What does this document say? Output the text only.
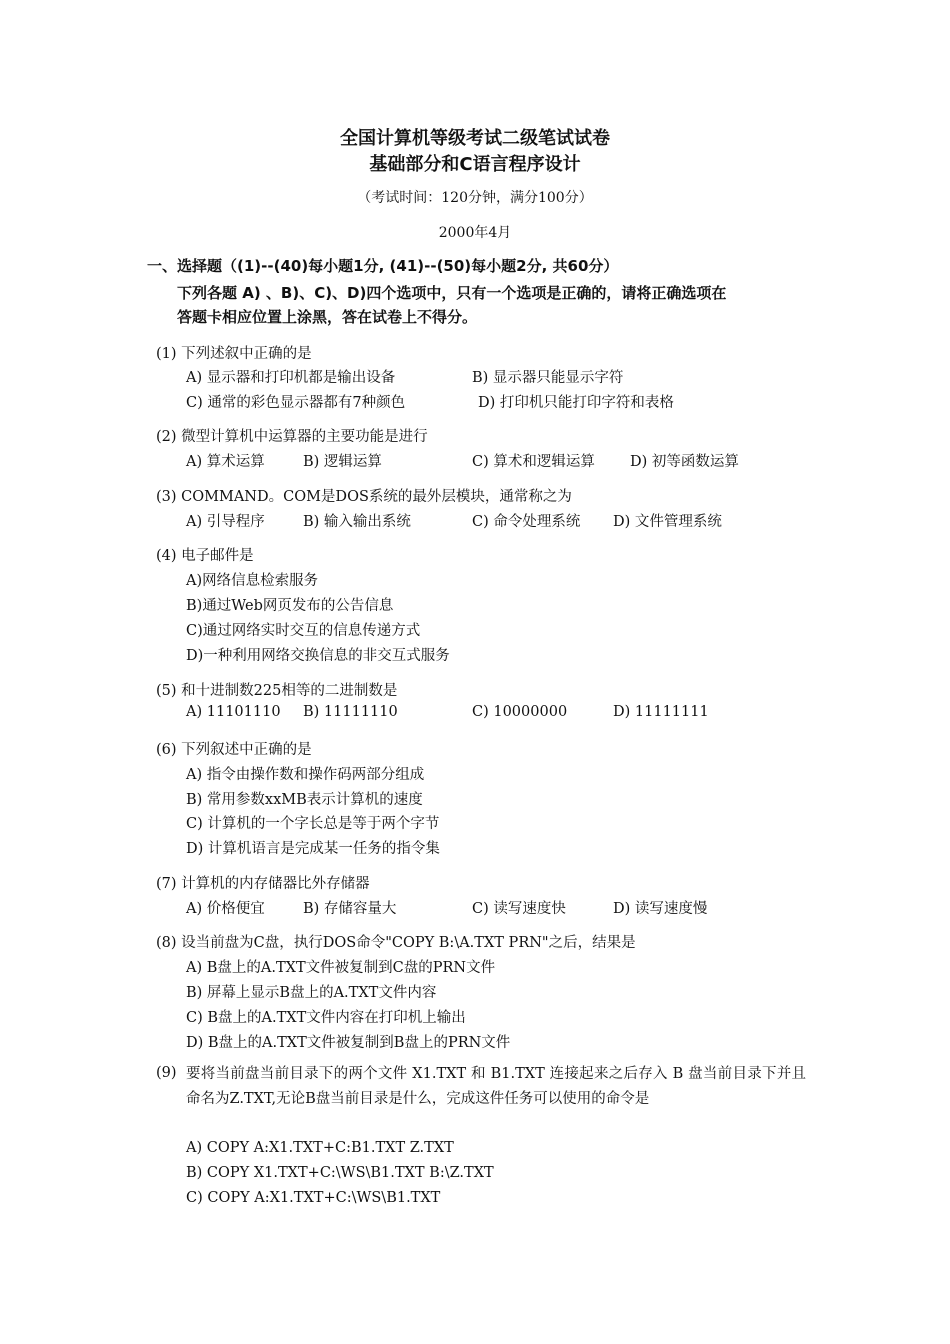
全国计算机等级考试二级笔试试卷
基础部分和C语言程序设计
（考试时间：120分钟，满分100分）
2000年4月
一、选择题（(1)--(40)每小题1分, (41)--(50)每小题2分, 共60分）
下列各题 A) 、B)、C)、D)四个选项中，只有一个选项是正确的，请将正确选项在
答题卡相应位置上涂黑，答在试卷上不得分。
(1) 下列述叙中正确的是
A) 显示器和打印机都是输出设备	B) 显示器只能显示字符
C) 通常的彩色显示器都有7种颜色	D) 打印机只能打印字符和表格
(2) 微型计算机中运算器的主要功能是进行
A) 算术运算	B) 逻辑运算	C) 算术和逻辑运算 D) 初等函数运算
(3) COMMAND。COM是DOS系统的最外层模块，通常称之为
A) 引导程序	B) 输入输出系统	C) 命令处理系统 D) 文件管理系统
(4) 电子邮件是
A)网络信息检索服务
B)通过Web网页发布的公告信息
C)通过网络实时交互的信息传递方式
D)一种利用网络交换信息的非交互式服务
(5) 和十进制数225相等的二进制数是
A) 11101110 B) 11111110	C) 10000000	D) 11111111
(6) 下列叙述中正确的是
A) 指令由操作数和操作码两部分组成
B) 常用参数xxMB表示计算机的速度
C) 计算机的一个字长总是等于两个字节
D) 计算机语言是完成某一任务的指令集
(7) 计算机的内存储器比外存储器
A) 价格便宜	B) 存储容量大	C) 读写速度快	D) 读写速度慢
(8) 设当前盘为C盘，执行DOS命令"COPY B:\A.TXT PRN"之后，结果是
A) B盘上的A.TXT文件被复制到C盘的PRN文件
B) 屏幕上显示B盘上的A.TXT文件内容
C) B盘上的A.TXT文件内容在打印机上输出
D) B盘上的A.TXT文件被复制到B盘上的PRN文件
(9) 要将当前盘当前目录下的两个文件 X1.TXT 和 B1.TXT 连接起来之后存入 B 盘当前目录下并且命名为Z.TXT,无论B盘当前目录是什么，完成这件任务可以使用的命令是
A) COPY A:X1.TXT+C:B1.TXT Z.TXT
B) COPY X1.TXT+C:\WS\B1.TXT B:\Z.TXT
C) COPY A:X1.TXT+C:\WS\B1.TXT
